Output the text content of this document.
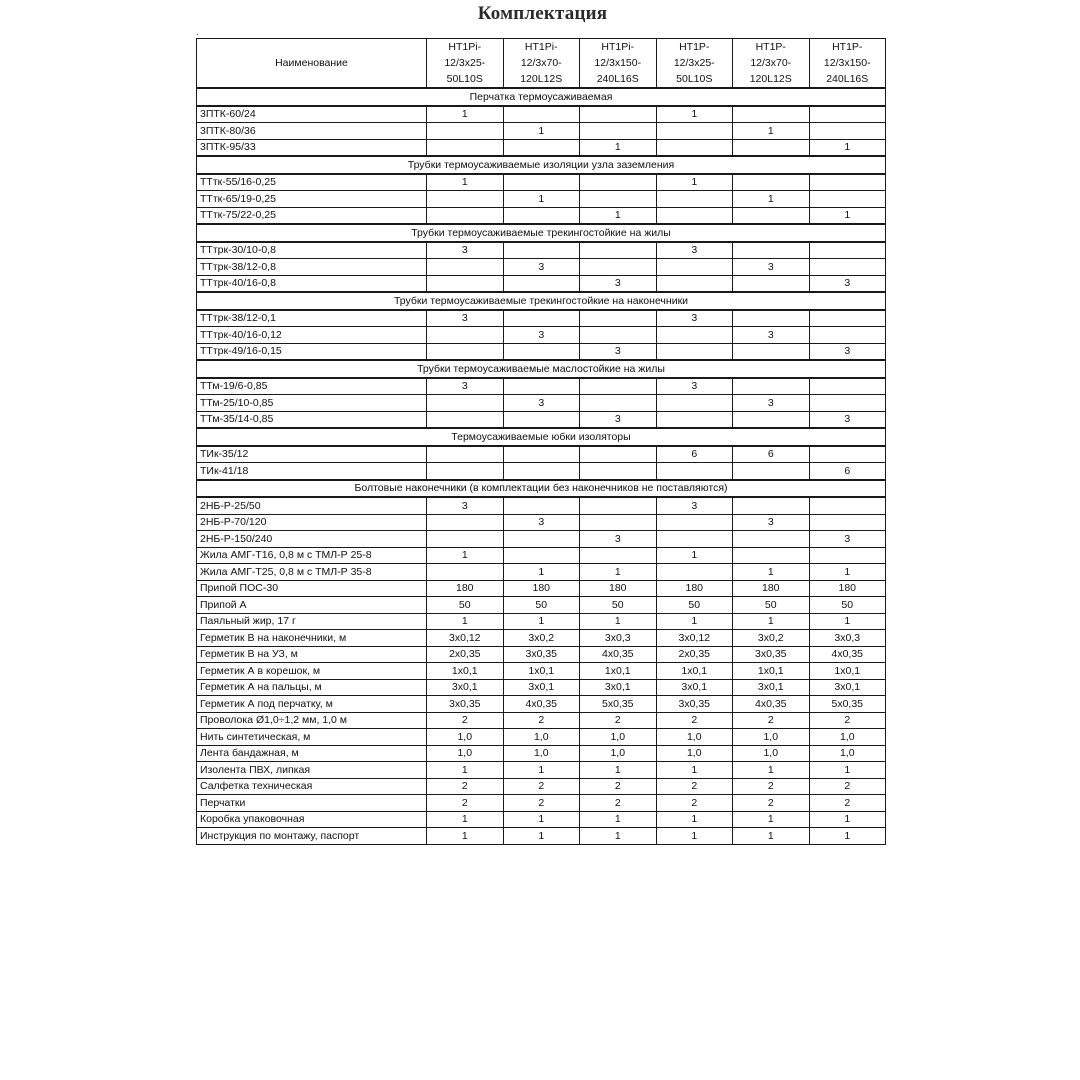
Комплектация
.
Наименование	НТ1Рi-
12/3х25-
50L10S	НТ1Рi-
12/3х70-
120L12S	НТ1Рi-
12/3х150-
240L16S	НТ1Р-
12/3х25-
50L10S	НТ1Р-
12/3х70-
120L12S	НТ1Р-
12/3х150-
240L16S

Перчатка термоусаживаемая						
3ПТК-60/24	1			1		
3ПТК-80/36		1			1	
3ПТК-95/33			1			1
Трубки термоусаживаемые изоляции узла заземления						
ТТтк-55/16-0,25	1			1		
ТТтк-65/19-0,25		1			1	
ТТтк-75/22-0,25			1			1
Трубки термоусаживаемые трекингостойкие на жилы						
ТТтрк-30/10-0,8	3			3		
ТТтрк-38/12-0,8		3			3	
ТТтрк-40/16-0,8			3			3
Трубки термоусаживаемые трекингостойкие на наконечники						
ТТтрк-38/12-0,1	3			3		
ТТтрк-40/16-0,12		3			3	
ТТтрк-49/16-0,15			3			3
Трубки термоусаживаемые маслостойкие на жилы						
ТТм-19/6-0,85	3			3		
ТТм-25/10-0,85		3			3	
ТТм-35/14-0,85			3			3
Термоусаживаемые юбки изоляторы						
ТИк-35/12				6	6	
ТИк-41/18						6
Болтовые наконечники (в комплектации без наконечников не поставляются)						
2НБ-Р-25/50	3			3		
2НБ-Р-70/120		3			3	
2НБ-Р-150/240			3			3
Жила АМГ-Т16, 0,8 м с ТМЛ-Р 25-8	1			1		
Жила АМГ-Т25, 0,8 м с ТМЛ-Р 35-8		1	1		1	1
Припой ПОС-30	180	180	180	180	180	180
Припой А	50	50	50	50	50	50
Паяльный жир, 17 г	1	1	1	1	1	1
Герметик В на наконечники, м	3х0,12	3х0,2	3х0,3	3х0,12	3х0,2	3х0,3
Герметик В на УЗ, м	2х0,35	3х0,35	4х0,35	2х0,35	3х0,35	4х0,35
Герметик А в корешок, м	1х0,1	1х0,1	1х0,1	1х0,1	1х0,1	1х0,1
Герметик А на пальцы, м	3х0,1	3х0,1	3х0,1	3х0,1	3х0,1	3х0,1
Герметик А под перчатку, м	3х0,35	4х0,35	5х0,35	3х0,35	4х0,35	5х0,35
Проволока Ø1,0÷1,2 мм, 1,0 м	2	2	2	2	2	2
Нить синтетическая, м	1,0	1,0	1,0	1,0	1,0	1,0
Лента бандажная, м	1,0	1,0	1,0	1,0	1,0	1,0
Изолента ПВХ, липкая	1	1	1	1	1	1
Салфетка техническая	2	2	2	2	2	2
Перчатки	2	2	2	2	2	2
Коробка упаковочная	1	1	1	1	1	1
Инструкция по монтажу, паспорт	1	1	1	1	1	1
